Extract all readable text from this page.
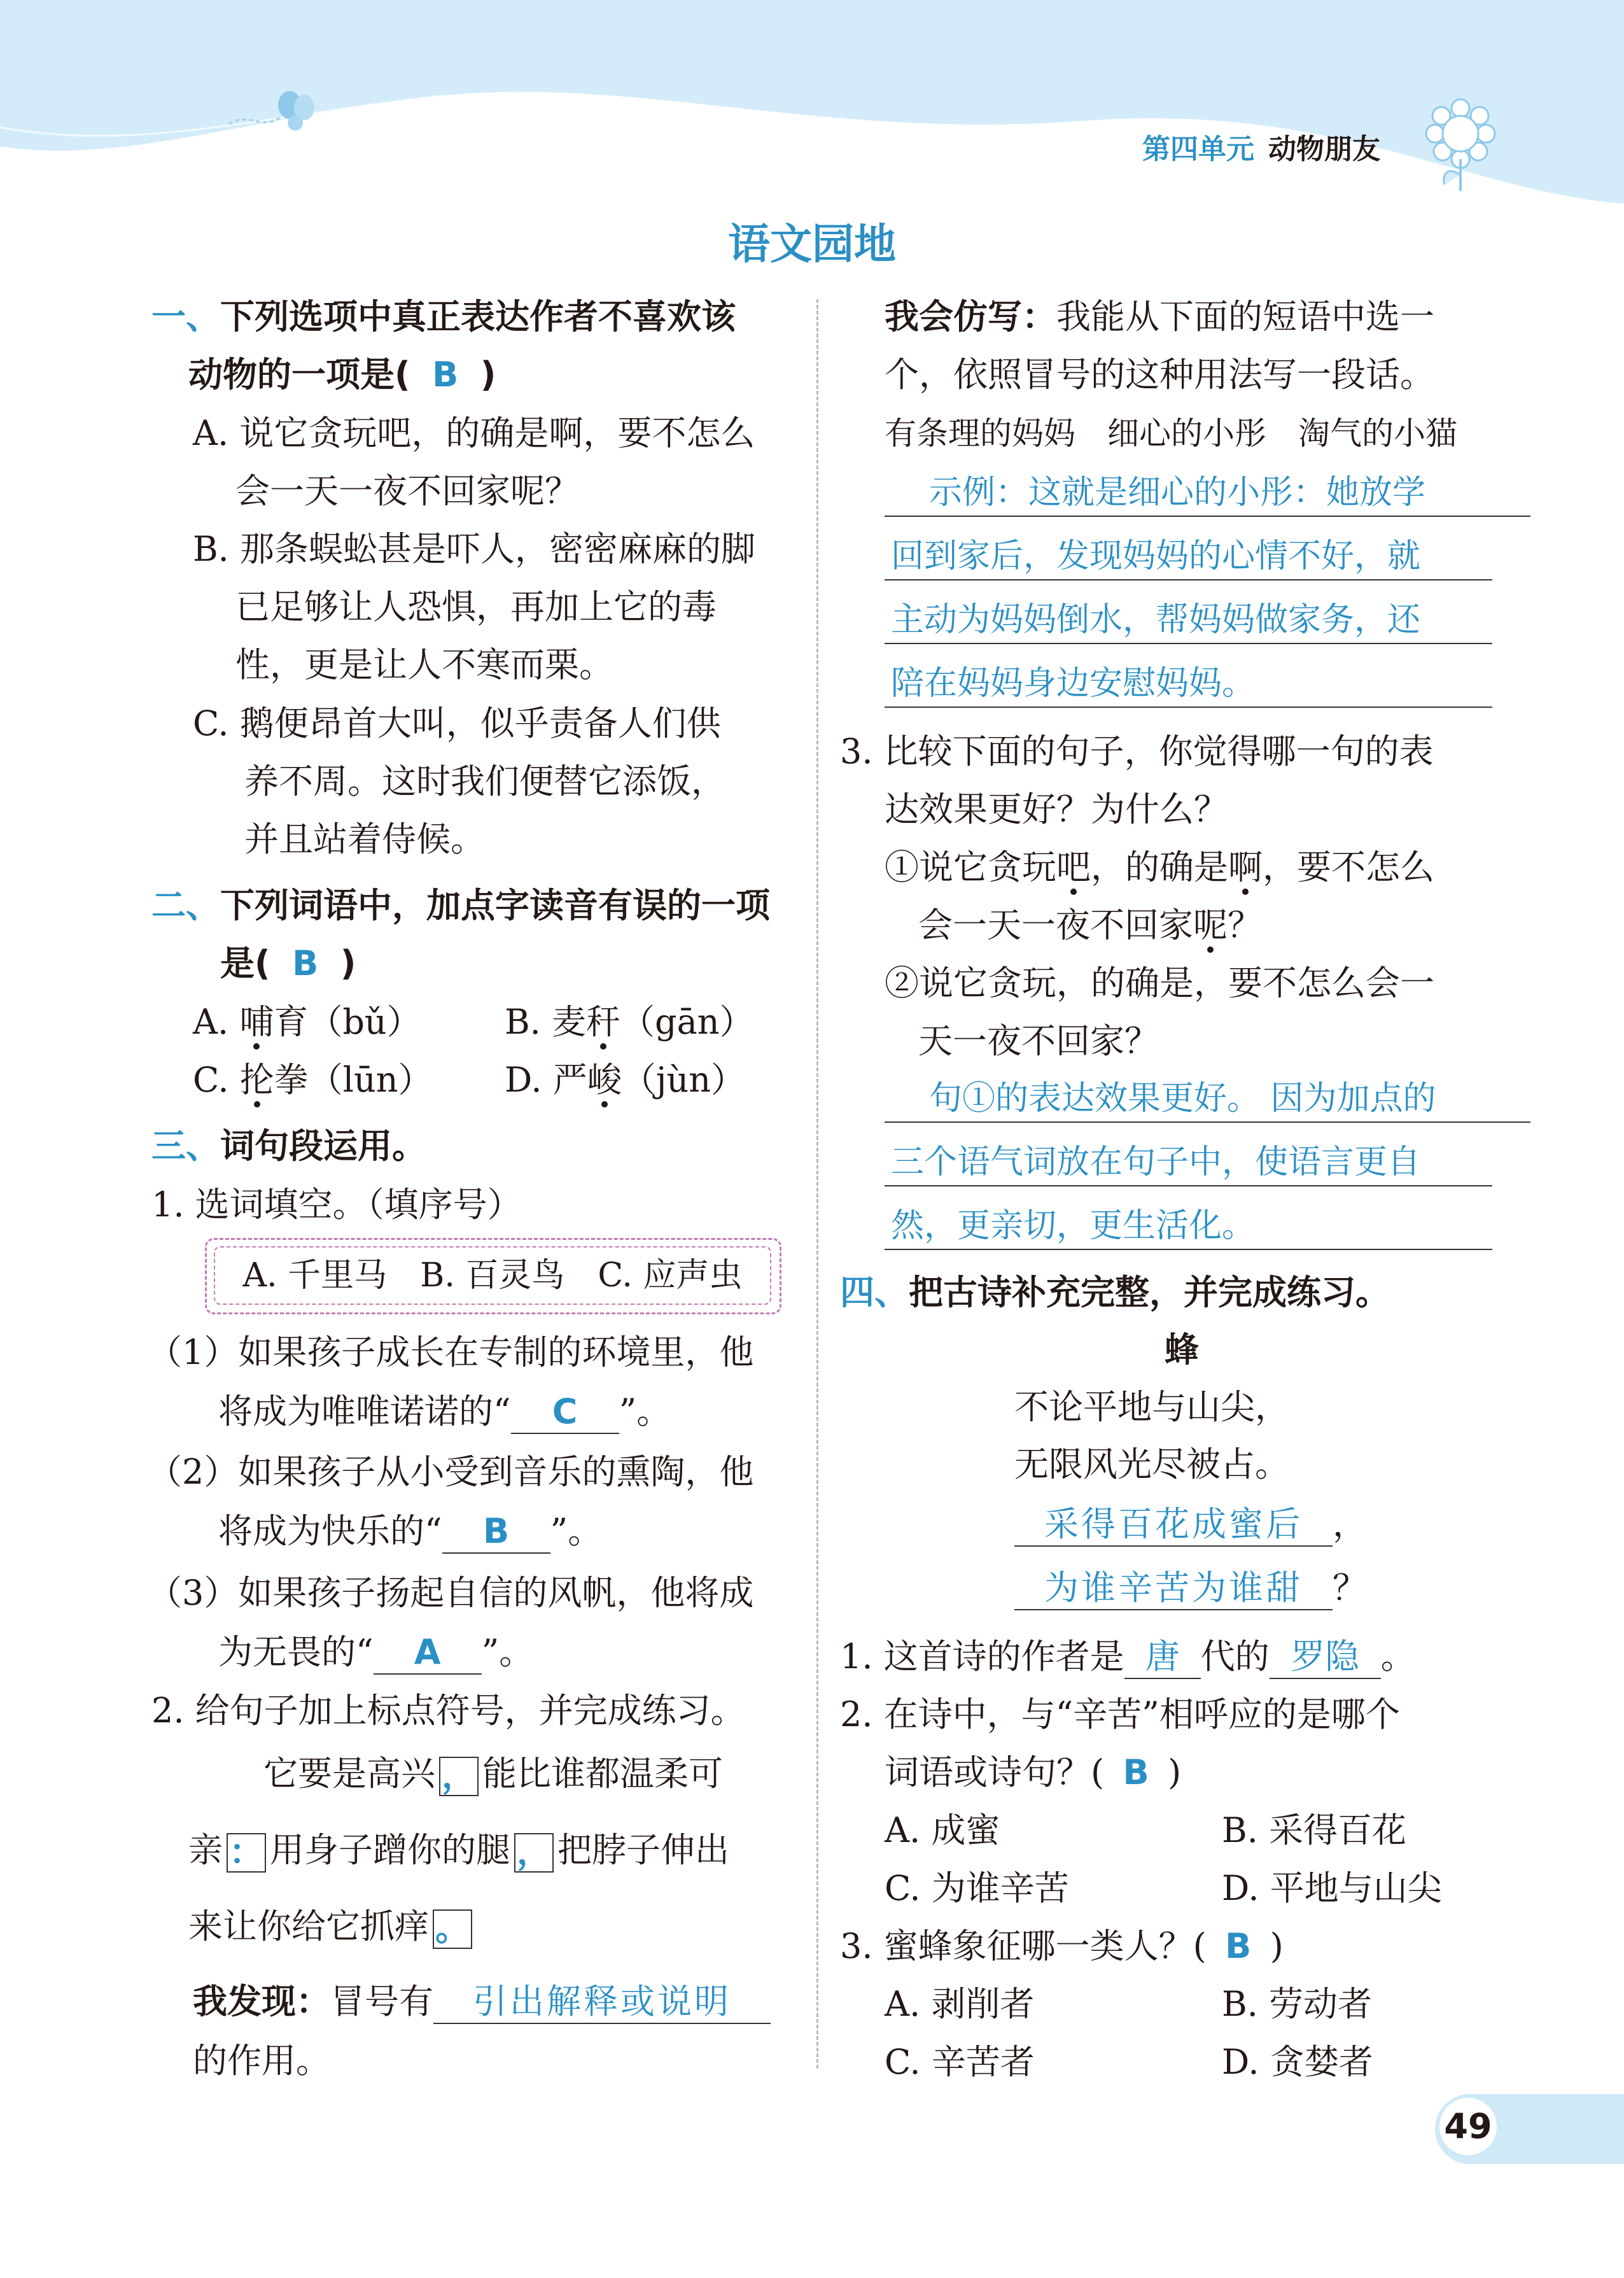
第四单元 动物朋友
语文园地
一、下列选项中真正表达作者不喜欢该
动物的一项是( B )
A. 说它贪玩吧，的确是啊，要不怎么
会一天一夜不回家呢？
B. 那条蜈蚣甚是吓人，密密麻麻的脚
已足够让人恐惧，再加上它的毒
性，更是让人不寒而栗。
C. 鹅便昂首大叫，似乎责备人们供
养不周。这时我们便替它添饭，
并且站着侍候。
二、下列词语中，加点字读音有误的一项
是( B )
A. 哺育（bǔ） B. 麦秆（gān）
C. 抡拳（lūn） D. 严峻（jùn）
三、词句段运用。
1. 选词填空。（填序号）
A. 千里马　B. 百灵鸟　C. 应声虫
（1）如果孩子成长在专制的环境里，他
将成为唯唯诺诺的“ C ”。
（2）如果孩子从小受到音乐的熏陶，他
将成为快乐的“ B ”。
（3）如果孩子扬起自信的风帆，他将成
为无畏的“ A ”。
2. 给句子加上标点符号，并完成练习。
它要是高兴 ， 能比谁都温柔可
亲 ： 用身子蹭你的腿 ， 把脖子伸出
来让你给它抓痒 。
我发现：冒号有 引出解释或说明
的作用。
我会仿写：我能从下面的短语中选一
个，依照冒号的这种用法写一段话。
有条理的妈妈　细心的小彤　淘气的小猫
示例：这就是细心的小彤：她放学
回到家后，发现妈妈的心情不好，就
主动为妈妈倒水，帮妈妈做家务，还
陪在妈妈身边安慰妈妈。
3. 比较下面的句子，你觉得哪一句的表
达效果更好？为什么？
①说它贪玩吧，的确是啊，要不怎么
会一天一夜不回家呢？
②说它贪玩，的确是，要不怎么会一
天一夜不回家？
句①的表达效果更好。 因为加点的
三个语气词放在句子中，使语言更自
然，更亲切，更生活化。
四、把古诗补充完整，并完成练习。
蜂
不论平地与山尖，
无限风光尽被占。
采得百花成蜜后 ，
为谁辛苦为谁甜 ？
1. 这首诗的作者是 唐 代的 罗隐 。
2. 在诗中，与“辛苦”相呼应的是哪个
词语或诗句？( B )
A. 成蜜	B. 采得百花
C. 为谁辛苦	D. 平地与山尖
3. 蜜蜂象征哪一类人？( B )
A. 剥削者	B. 劳动者
C. 辛苦者	D. 贪婪者
49
